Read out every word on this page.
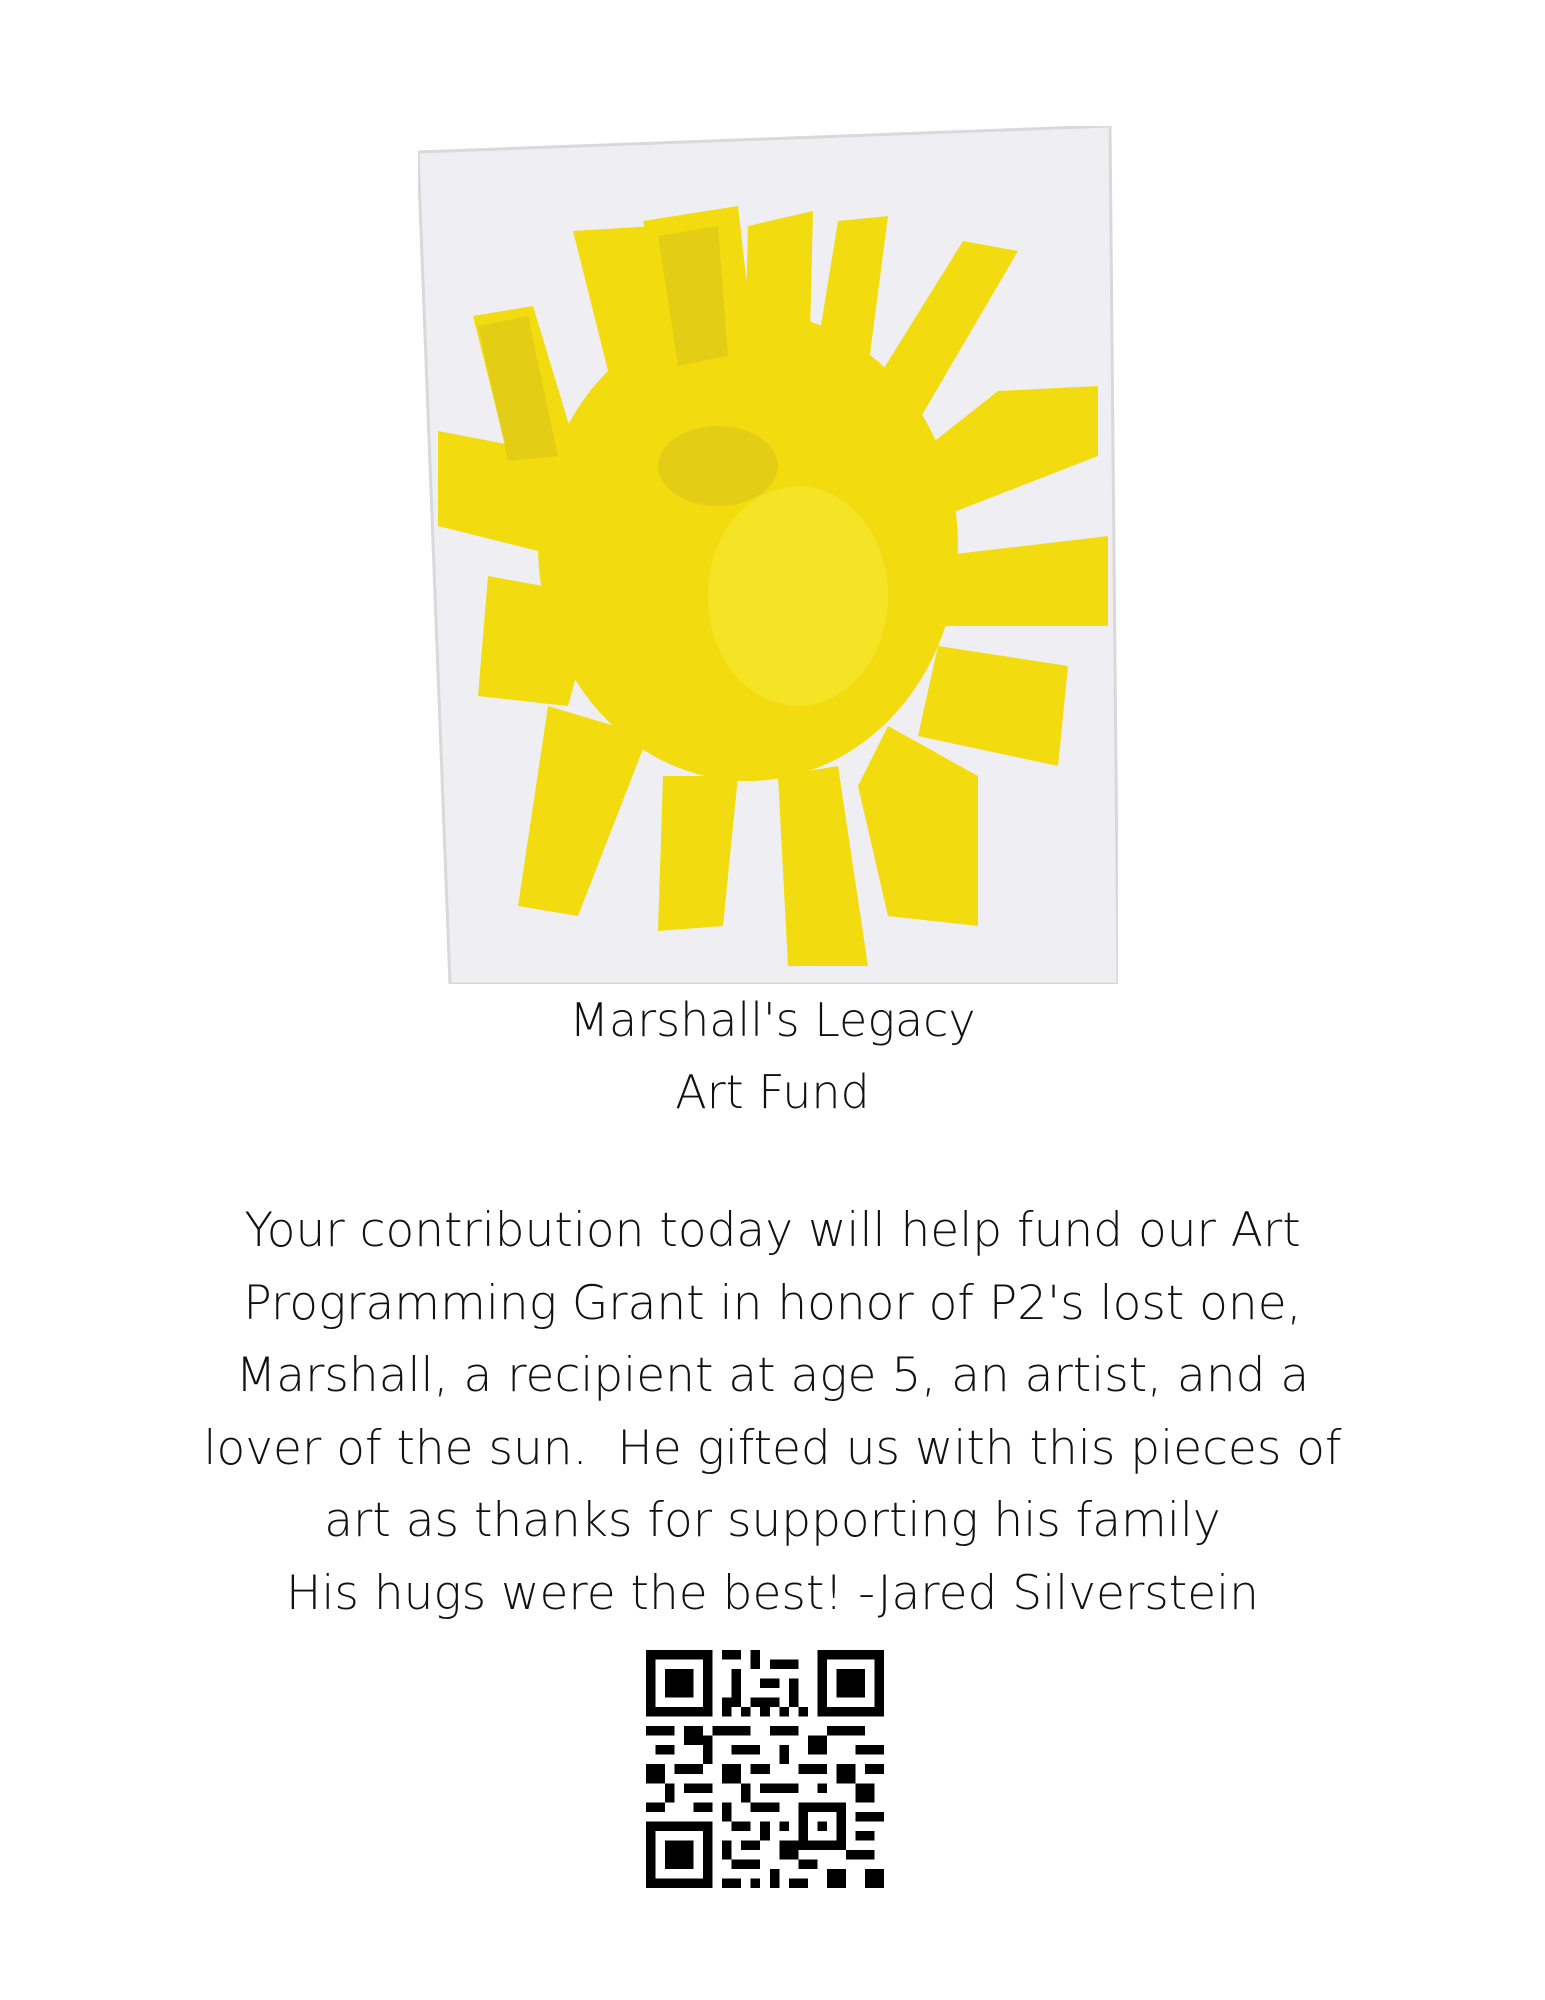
Marshall's Legacy
Art Fund
Your contribution today will help fund our Art
Programming Grant in honor of P2's lost one,
Marshall, a recipient at age 5, an artist, and a
lover of the sun.  He gifted us with this pieces of
art as thanks for supporting his family
His hugs were the best! -Jared Silverstein
